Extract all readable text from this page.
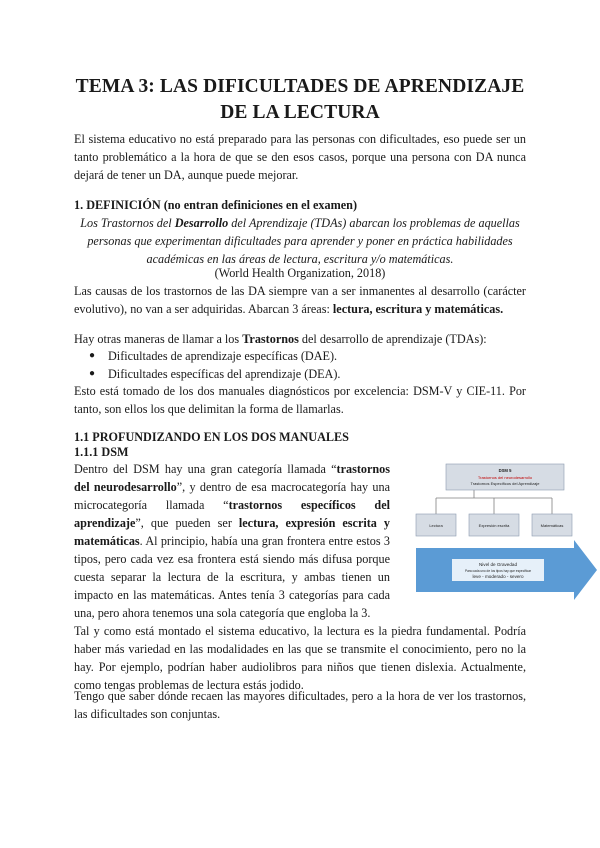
TEMA 3: LAS DIFICULTADES DE APRENDIZAJE
DE LA LECTURA

El sistema educativo no está preparado para las personas con dificultades, eso puede ser un tanto problemático a la hora de que se den esos casos, porque una persona con DA nunca dejará de tener un DA, aunque puede mejorar.

1. DEFINICIÓN (no entran definiciones en el examen)

Los Trastornos del Desarrollo del Aprendizaje (TDAs) abarcan los problemas de aquellas personas que experimentan dificultades para aprender y poner en práctica habilidades académicas en las áreas de lectura, escritura y/o matemáticas.

(World Health Organization, 2018)

Las causas de los trastornos de las DA siempre van a ser inmanentes al desarrollo (carácter evolutivo), no van a ser adquiridas. Abarcan 3 áreas: lectura, escritura y matemáticas.

Hay otras maneras de llamar a los Trastornos del desarrollo de aprendizaje (TDAs):

● Dificultades de aprendizaje específicas (DAE).

● Dificultades específicas del aprendizaje (DEA).

Esto está tomado de los dos manuales diagnósticos por excelencia: DSM-V y CIE-11. Por tanto, son ellos los que delimitan la forma de llamarlas.

1.1 PROFUNDIZANDO EN LOS DOS MANUALES

1.1.1 DSM

Dentro del DSM hay una gran categoría llamada “trastornos del neurodesarrollo”, y dentro de esa macrocategoría hay una microcategoría llamada “trastornos específicos del aprendizaje”, que pueden ser lectura, expresión escrita y matemáticas. Al principio, había una gran frontera entre estos 3 tipos, pero cada vez esa frontera está siendo más difusa porque cuesta separar la lectura de la escritura, y ambas tienen un impacto en las matemáticas. Antes tenía 3 categorías para cada una, pero ahora tenemos una sola categoría que engloba la 3.

Tal y como está montado el sistema educativo, la lectura es la piedra fundamental. Podría haber más variedad en las modalidades en las que se transmite el conocimiento, pero no la hay. Por ejemplo, podrían haber audiolibros para niños que tienen dislexia. Actualmente, como tengas problemas de lectura estás jodido.

Tengo que saber dónde recaen las mayores dificultades, pero a la hora de ver los trastornos, las dificultades son conjuntas.

DSM 5
Trastornos del neurodesarrollo
Trastornos Específicos del Aprendizaje
Lectura	Expresión escrita	Matemáticas
Nivel de Gravedad
Para cada uno de los tipos hay que especificar
leve - moderado - severo
